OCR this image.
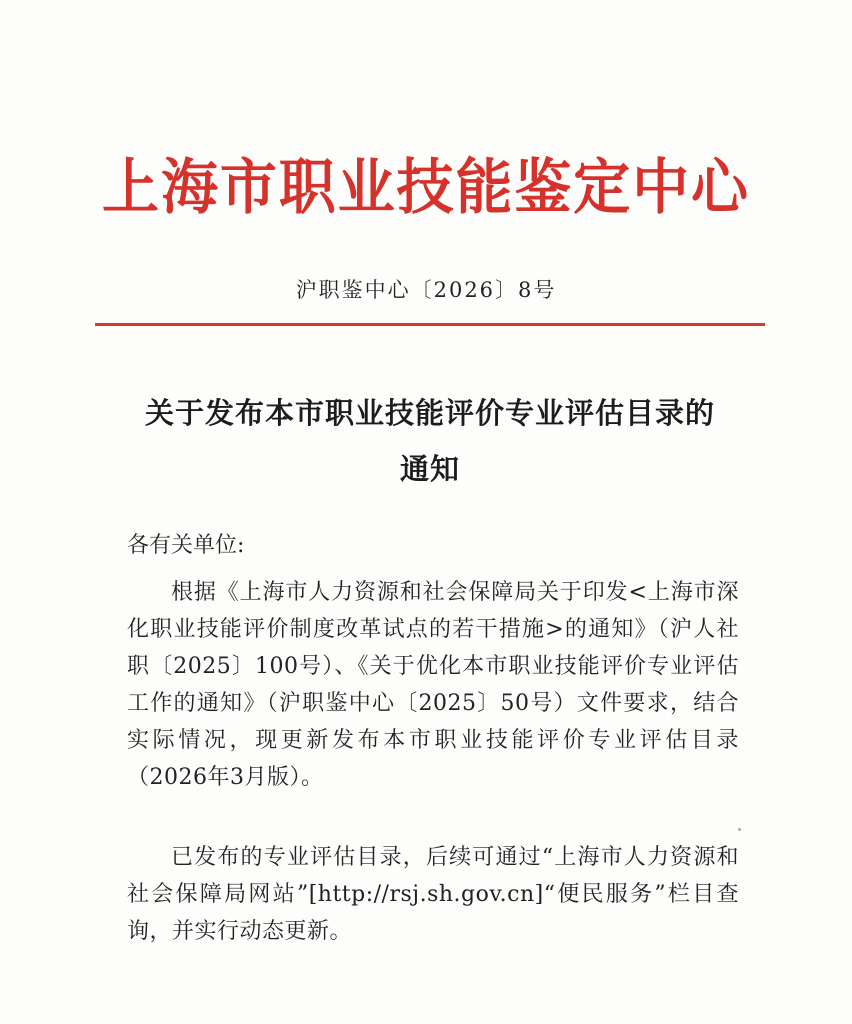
上海市职业技能鉴定中心
沪职鉴中心〔2026〕8号
关于发布本市职业技能评价专业评估目录的
通知
各有关单位:
根据《上海市人力资源和社会保障局关于印发<上海市深化职业技能评价制度改革试点的若干措施>的通知》（沪人社职〔2025〕100号）、《关于优化本市职业技能评价专业评估工作的通知》（沪职鉴中心〔2025〕50号）文件要求，结合实际情况，现更新发布本市职业技能评价专业评估目录（2026年3月版）。
已发布的专业评估目录，后续可通过“上海市人力资源和社会保障局网站”[http://rsj.sh.gov.cn]“便民服务”栏目查询，并实行动态更新。
